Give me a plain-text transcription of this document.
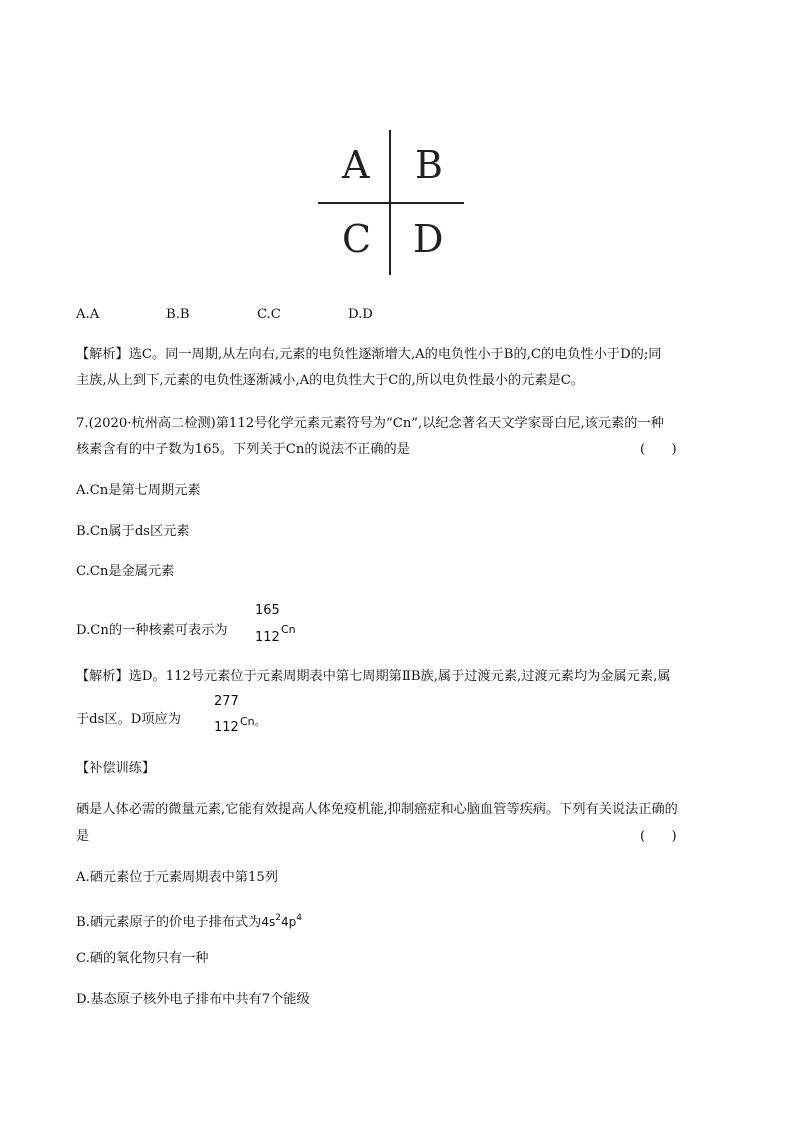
A B
C D
A.A	B.B	C.C	D.D
【解析】选C。同一周期,从左向右,元素的电负性逐渐增大,A的电负性小于B的,C的电负性小于D的;同
主族,从上到下,元素的电负性逐渐减小,A的电负性大于C的,所以电负性最小的元素是C。
7.(2020·杭州高二检测)第112号化学元素元素符号为“Cn”,以纪念著名天文学家哥白尼,该元素的一种
核素含有的中子数为165。下列关于Cn的说法不正确的是	(　　)
A.Cn是第七周期元素
B.Cn属于ds区元素
C.Cn是金属元素
D.Cn的一种核素可表示为
165
112
Cn
【解析】选D。112号元素位于元素周期表中第七周期第ⅡB族,属于过渡元素,过渡元素均为金属元素,属
于ds区。D项应为
277
112 Cn。
【补偿训练】
硒是人体必需的微量元素,它能有效提高人体免疫机能,抑制癌症和心脑血管等疾病。下列有关说法正确的
是	(　　)
A.硒元素位于元素周期表中第15列
B.硒元素原子的价电子排布式为$4s^24p^4$
C.硒的氧化物只有一种
D.基态原子核外电子排布中共有7个能级
